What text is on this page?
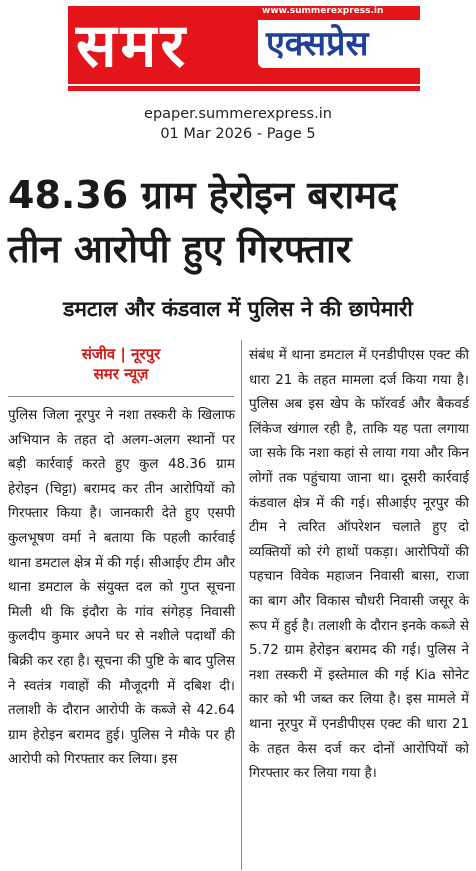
www.summerexpress.in
समर एक्सप्रेस
epaper.summerexpress.in
01 Mar 2026 - Page 5
48.36 ग्राम हेरोइन बरामद
तीन आरोपी हुए गिरफ्तार
डमटाल और कंडवाल में पुलिस ने की छापेमारी
संजीव | नूरपुर
समर न्यूज़
पुलिस जिला नूरपुर ने नशा तस्करी के खिलाफ अभियान के तहत दो अलग-अलग स्थानों पर बड़ी कार्रवाई करते हुए कुल 48.36 ग्राम हेरोइन (चिट्टा) बरामद कर तीन आरोपियों को गिरफ्तार किया है। जानकारी देते हुए एसपी कुलभूषण वर्मा ने बताया कि पहली कार्रवाई थाना डमटाल क्षेत्र में की गई। सीआईए टीम और थाना डमटाल के संयुक्त दल को गुप्त सूचना मिली थी कि इंदौरा के गांव संगेहड़ निवासी कुलदीप कुमार अपने घर से नशीले पदार्थों की बिक्री कर रहा है। सूचना की पुष्टि के बाद पुलिस ने स्वतंत्र गवाहों की मौजूदगी में दबिश दी। तलाशी के दौरान आरोपी के कब्जे से 42.64 ग्राम हेरोइन बरामद हुई। पुलिस ने मौके पर ही आरोपी को गिरफ्तार कर लिया। इस
संबंध में थाना डमटाल में एनडीपीएस एक्ट की धारा 21 के तहत मामला दर्ज किया गया है। पुलिस अब इस खेप के फॉरवर्ड और बैकवर्ड लिंकेज खंगाल रही है, ताकि यह पता लगाया जा सके कि नशा कहां से लाया गया और किन लोगों तक पहुंचाया जाना था। दूसरी कार्रवाई कंडवाल क्षेत्र में की गई। सीआईए नूरपुर की टीम ने त्वरित ऑपरेशन चलाते हुए दो व्यक्तियों को रंगे हाथों पकड़ा। आरोपियों की पहचान विवेक महाजन निवासी बासा, राजा का बाग और विकास चौधरी निवासी जसूर के रूप में हुई है। तलाशी के दौरान इनके कब्जे से 5.72 ग्राम हेरोइन बरामद की गई। पुलिस ने नशा तस्करी में इस्तेमाल की गई Kia सोनेट कार को भी जब्त कर लिया है। इस मामले में थाना नूरपुर में एनडीपीएस एक्ट की धारा 21 के तहत केस दर्ज कर दोनों आरोपियों को गिरफ्तार कर लिया गया है।
